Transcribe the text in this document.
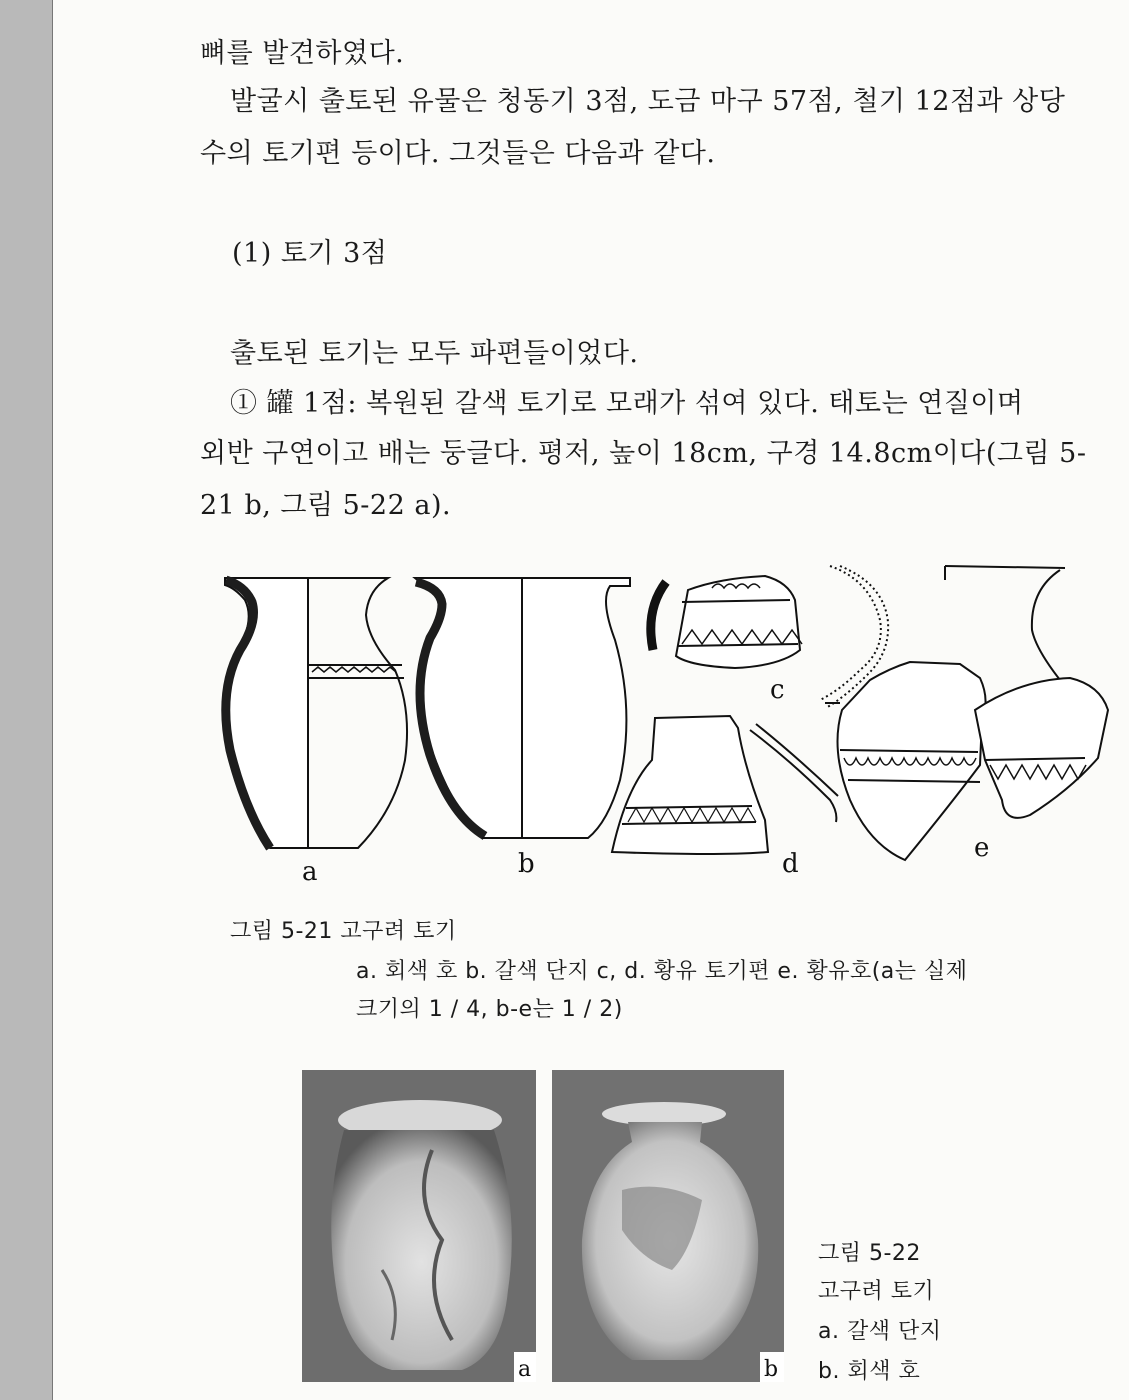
뼈를 발견하였다.
발굴시 출토된 유물은 청동기 3점, 도금 마구 57점, 철기 12점과 상당
수의 토기편 등이다. 그것들은 다음과 같다.
(1) 토기 3점
출토된 토기는 모두 파편들이었다.
① 罐 1점: 복원된 갈색 토기로 모래가 섞여 있다. 태토는 연질이며
외반 구연이고 배는 둥글다. 평저, 높이 18cm, 구경 14.8cm이다(그림 5-
21 b, 그림 5-22 a).
a	b
c
d
e
그림 5-21 고구려 토기
a. 회색 호 b. 갈색 단지 c, d. 황유 토기편 e. 황유호(a는 실제
크기의 1 / 4, b-e는 1 / 2)
a	b
그림 5-22
고구려 토기
a. 갈색 단지
b. 회색 호
